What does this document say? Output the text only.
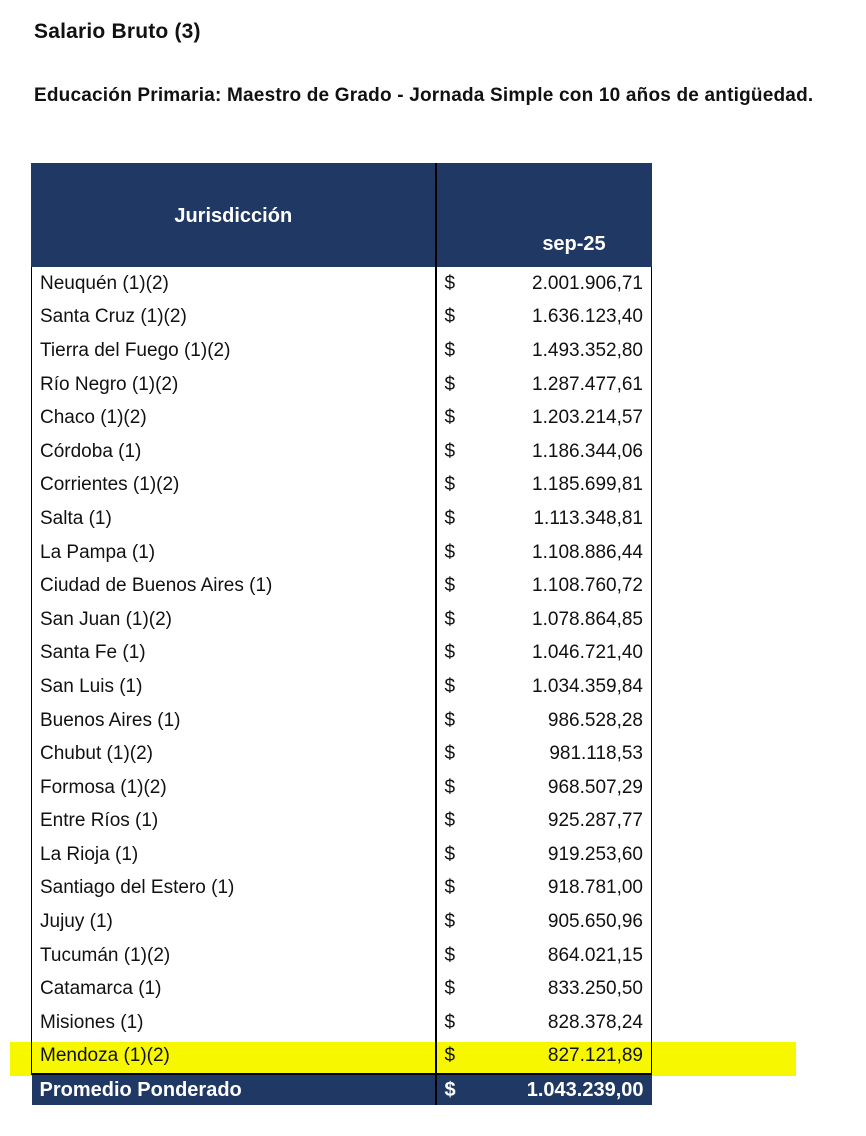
Salario Bruto (3)
Educación Primaria: Maestro de Grado - Jornada Simple con 10 años de antigüedad.
Jurisdicción	sep-25	

Neuquén (1)(2)	$	2.001.906,71
Santa Cruz (1)(2)	$	1.636.123,40
Tierra del Fuego (1)(2)	$	1.493.352,80
Río Negro (1)(2)	$	1.287.477,61
Chaco (1)(2)	$	1.203.214,57
Córdoba (1)	$	1.186.344,06
Corrientes (1)(2)	$	1.185.699,81
Salta (1)	$	1.113.348,81
La Pampa (1)	$	1.108.886,44
Ciudad de Buenos Aires (1)	$	1.108.760,72
San Juan (1)(2)	$	1.078.864,85
Santa Fe (1)	$	1.046.721,40
San Luis (1)	$	1.034.359,84
Buenos Aires (1)	$	986.528,28
Chubut (1)(2)	$	981.118,53
Formosa (1)(2)	$	968.507,29
Entre Ríos (1)	$	925.287,77
La Rioja (1)	$	919.253,60
Santiago del Estero (1)	$	918.781,00
Jujuy (1)	$	905.650,96
Tucumán (1)(2)	$	864.021,15
Catamarca (1)	$	833.250,50
Misiones (1)	$	828.378,24
Mendoza (1)(2)	$	827.121,89
Promedio Ponderado	$	1.043.239,00
